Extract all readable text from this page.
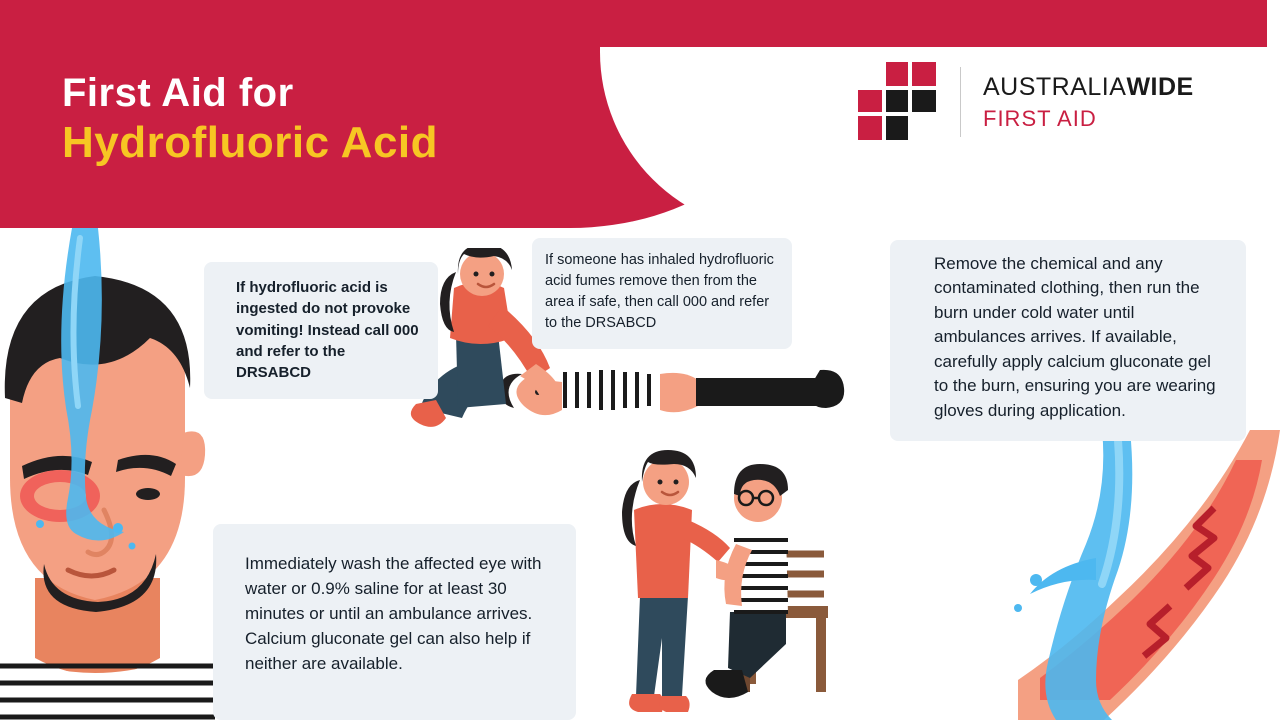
First Aid for
Hydrofluoric Acid
AUSTRALIAWIDE
FIRST AID
If hydrofluoric acid is ingested do not provoke vomiting! Instead call 000 and refer to the DRSABCD
If someone has inhaled hydrofluoric acid fumes remove then from the area if safe, then call 000 and refer to the DRSABCD
Remove the chemical and any contaminated clothing, then run the burn under cold water until ambulances arrives. If available, carefully apply calcium gluconate gel to the burn, ensuring you are wearing gloves during application.
Immediately wash the affected eye with water or 0.9% saline for at least 30 minutes or until an ambulance arrives. Calcium gluconate gel can also help if neither are available.
